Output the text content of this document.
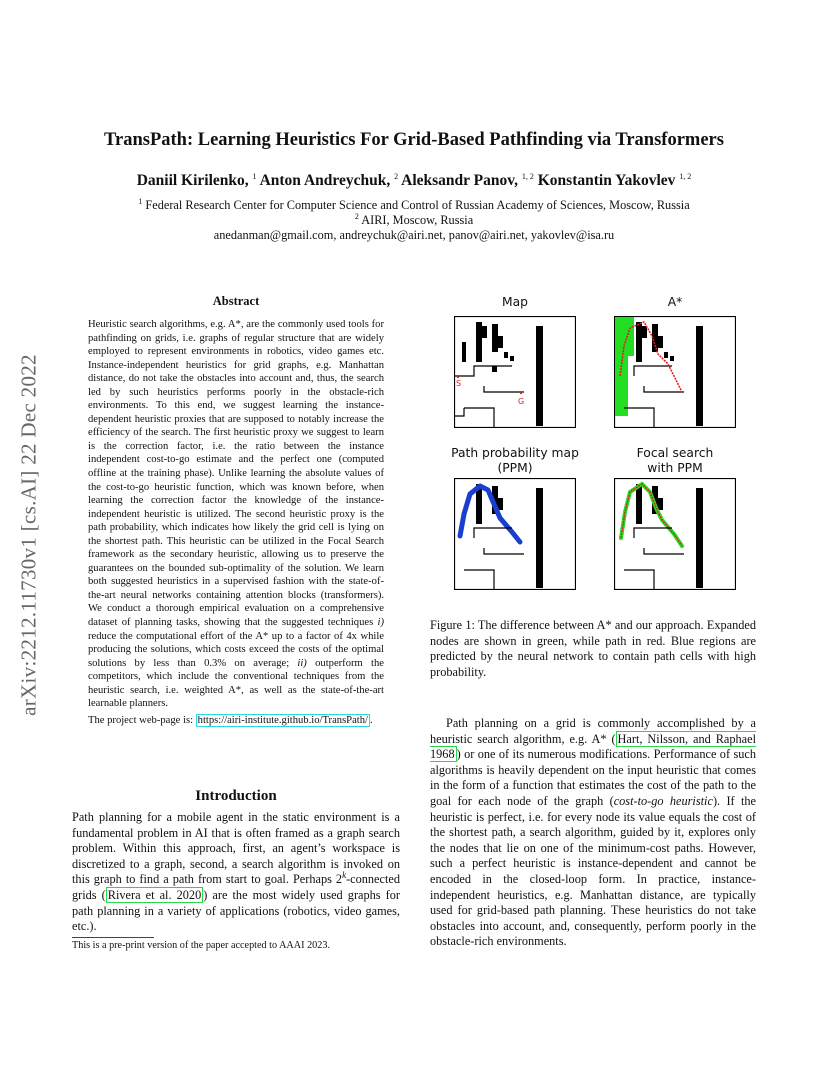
TransPath: Learning Heuristics For Grid-Based Pathfinding via Transformers
Daniil Kirilenko, $^1$ Anton Andreychuk, $^2$ Aleksandr Panov, $^{1, 2}$ Konstantin Yakovlev $^{1, 2}$
$^1$ Federal Research Center for Computer Science and Control of Russian Academy of Sciences, Moscow, Russia
$^2$ AIRI, Moscow, Russia
anedanman@gmail.com, andreychuk@airi.net, panov@airi.net, yakovlev@isa.ru
arXiv:2212.11730v1 [cs.AI] 22 Dec 2022
Abstract

Heuristic search algorithms, e.g. A*, are the commonly used tools for pathfinding on grids, i.e. graphs of regular structure that are widely employed to represent environments in robotics, video games etc. Instance-independent heuristics for grid graphs, e.g. Manhattan distance, do not take the obstacles into account and, thus, the search led by such heuristics performs poorly in the obstacle-rich environments. To this end, we suggest learning the instance-dependent heuristic proxies that are supposed to notably increase the efficiency of the search. The first heuristic proxy we suggest to learn is the correction factor, i.e. the ratio between the instance independent cost-to-go estimate and the perfect one (computed offline at the training phase). Unlike learning the absolute values of the cost-to-go heuristic function, which was known before, when learning the correction factor the knowledge of the instance-independent heuristic is utilized. The second heuristic proxy is the path probability, which indicates how likely the grid cell is lying on the shortest path. This heuristic can be utilized in the Focal Search framework as the secondary heuristic, allowing us to preserve the guarantees on the bounded sub-optimality of the solution. We learn both suggested heuristics in a supervised fashion with the state-of-the-art neural networks containing attention blocks (transformers). We conduct a thorough empirical evaluation on a comprehensive dataset of planning tasks, showing that the suggested techniques i) reduce the computational effort of the A* up to a factor of 4x while producing the solutions, which costs exceed the costs of the optimal solutions by less than 0.3% on average; ii) outperform the competitors, which include the conventional techniques from the heuristic search, i.e. weighted A*, as well as the state-of-the-art learnable planners.

The project web-page is: https://airi-institute.github.io/TransPath/ .

Introduction

Path planning for a mobile agent in the static environment is a fundamental problem in AI that is often framed as a graph search problem. Within this approach, first, an agent’s workspace is discretized to a graph, second, a search algorithm is invoked on this graph to find a path from start to goal. Perhaps 2$^k$-connected grids ( Rivera et al. 2020 ) are the most widely used graphs for path planning in a variety of applications (robotics, video games, etc.).

This is a pre-print version of the paper accepted to AAAI 2023.
Map	A*
Path probability map
(PPM)
Focal search
with PPM
S
G
Figure 1: The difference between A* and our approach. Expanded nodes are shown in green, while path in red. Blue regions are predicted by the neural network to contain path cells with high probability.

Path planning on a grid is commonly accomplished by a heuristic search algorithm, e.g. A* ( Hart, Nilsson, and Raphael 1968 ) or one of its numerous modifications. Performance of such algorithms is heavily dependent on the input heuristic that comes in the form of a function that estimates the cost of the path to the goal for each node of the graph (cost-to-go heuristic). If the heuristic is perfect, i.e. for every node its value equals the cost of the shortest path, a search algorithm, guided by it, explores only the nodes that lie on one of the minimum-cost paths. However, such a perfect heuristic is instance-dependent and cannot be encoded in the closed-loop form. In practice, instance-independent heuristics, e.g. Manhattan distance, are typically used for grid-based path planning. These heuristics do not take obstacles into account, and, consequently, perform poorly in the obstacle-rich environments.
